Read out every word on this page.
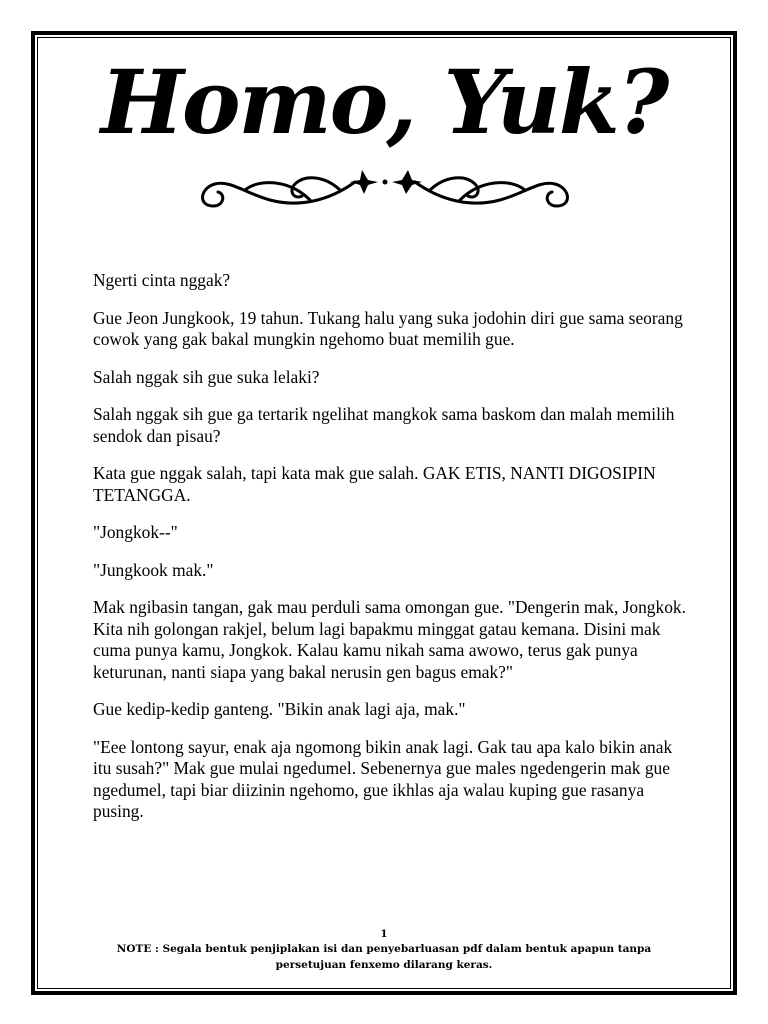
Homo, Yuk?

Ngerti cinta nggak?

Gue Jeon Jungkook, 19 tahun. Tukang halu yang suka jodohin diri gue sama seorang cowok yang gak bakal mungkin ngehomo buat memilih gue.

Salah nggak sih gue suka lelaki?

Salah nggak sih gue ga tertarik ngelihat mangkok sama baskom dan malah memilih sendok dan pisau?

Kata gue nggak salah, tapi kata mak gue salah. GAK ETIS, NANTI DIGOSIPIN TETANGGA.

"Jongkok--"

"Jungkook mak."

Mak ngibasin tangan, gak mau perduli sama omongan gue. "Dengerin mak, Jongkok. Kita nih golongan rakjel, belum lagi bapakmu minggat gatau kemana. Disini mak cuma punya kamu, Jongkok. Kalau kamu nikah sama awowo, terus gak punya keturunan, nanti siapa yang bakal nerusin gen bagus emak?"

Gue kedip-kedip ganteng. "Bikin anak lagi aja, mak."

"Eee lontong sayur, enak aja ngomong bikin anak lagi. Gak tau apa kalo bikin anak itu susah?" Mak gue mulai ngedumel. Sebenernya gue males ngedengerin mak gue ngedumel, tapi biar diizinin ngehomo, gue ikhlas aja walau kuping gue rasanya pusing.

1
NOTE : Segala bentuk penjiplakan isi dan penyebarluasan pdf dalam bentuk apapun tanpa persetujuan fenxemo dilarang keras.
